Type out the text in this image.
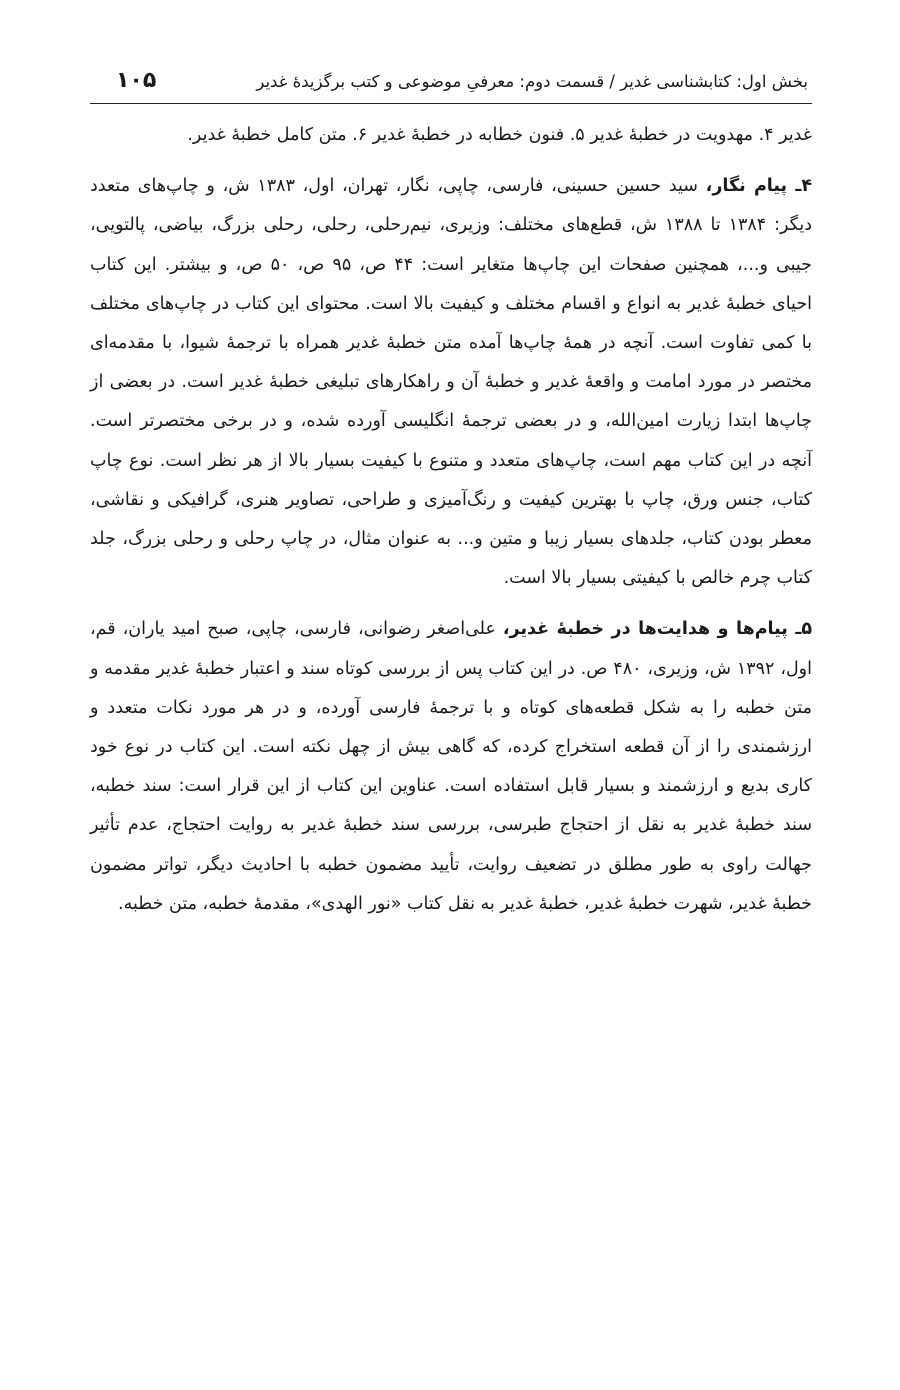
بخش اول: کتابشناسی غدیر / قسمت دوم: معرفیِ موضوعی و کتب برگزیدۀ غدیر
۱۰۵

غدیر ۴. مهدویت در خطبۀ غدیر ۵. فنون خطابه در خطبۀ غدیر ۶. متن کامل خطبۀ غدیر.

۴ـ پیام نگار، سید حسین حسینی، فارسی، چاپی، نگار، تهران، اول، ۱۳۸۳ ش، و چاپ‌های متعدد دیگر: ۱۳۸۴ تا ۱۳۸۸ ش، قطع‌های مختلف: وزیری، نیم‌رحلی، رحلی، رحلی بزرگ، بیاضی، پالتویی، جیبی و...، همچنین صفحات این چاپ‌ها متغایر است: ۴۴ ص، ۹۵ ص، ۵۰ ص، و بیشتر. این کتاب احیای خطبۀ غدیر به انواع و اقسام مختلف و کیفیت بالا است. محتوای این کتاب در چاپ‌های مختلف با کمی تفاوت است. آنچه در همۀ چاپ‌ها آمده متن خطبۀ غدیر همراه با ترجمۀ شیوا، با مقدمه‌ای مختصر در مورد امامت و واقعۀ غدیر و خطبۀ آن و راهکارهای تبلیغی خطبۀ غدیر است. در بعضی از چاپ‌ها ابتدا زیارت امین‌الله، و در بعضی ترجمۀ انگلیسی آورده شده، و در برخی مختصرتر است. آنچه در این کتاب مهم است، چاپ‌های متعدد و متنوع با کیفیت بسیار بالا از هر نظر است. نوع چاپ کتاب، جنس ورق، چاپ با بهترین کیفیت و رنگ‌آمیزی و طراحی، تصاویر هنری، گرافیکی و نقاشی، معطر بودن کتاب، جلدهای بسیار زیبا و متین و... به عنوان مثال، در چاپ رحلی و رحلی بزرگ، جلد کتاب چرم خالص با کیفیتی بسیار بالا است.

۵ـ پیام‌ها و هدایت‌ها در خطبۀ غدیر، علی‌اصغر رضوانی، فارسی، چاپی، صبح امید یاران، قم، اول، ۱۳۹۲ ش، وزیری، ۴۸۰ ص. در این کتاب پس از بررسی کوتاه سند و اعتبار خطبۀ غدیر مقدمه و متن خطبه را به شکل قطعه‌های کوتاه و با ترجمۀ فارسی آورده، و در هر مورد نکات متعدد و ارزشمندی را از آن قطعه استخراج کرده، که گاهی بیش از چهل نکته است. این کتاب در نوع خود کاری بدیع و ارزشمند و بسیار قابل استفاده است. عناوین این کتاب از این قرار است: سند خطبه، سند خطبۀ غدیر به نقل از احتجاج طبرسی، بررسی سند خطبۀ غدیر به روایت احتجاج، عدم تأثیر جهالت راوی به طور مطلق در تضعیف روایت، تأیید مضمون خطبه با احادیث دیگر، تواتر مضمون خطبۀ غدیر، شهرت خطبۀ غدیر، خطبۀ غدیر به نقل کتاب «نور الهدی»، مقدمۀ خطبه، متن خطبه.
